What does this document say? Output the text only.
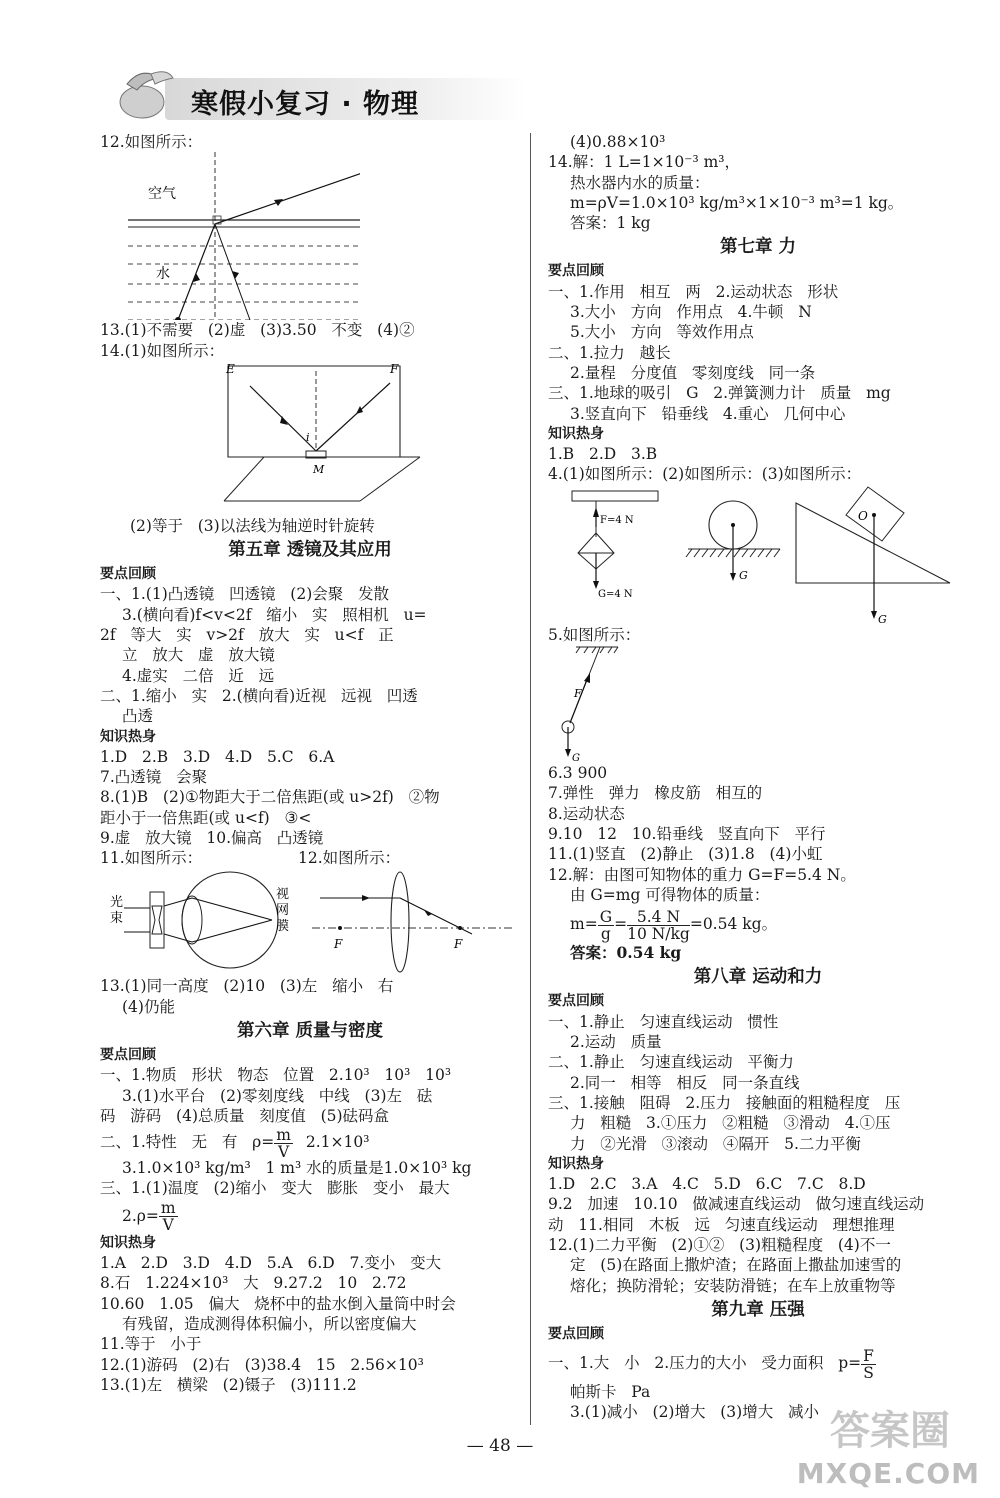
寒假小复习 · 物理
12.如图所示：
空气
水
13.(1)不需要   (2)虚   (3)3.50   不变   (4)②
14.(1)如图所示：
E	F
i
M
(2)等于   (3)以法线为轴逆时针旋转
第五章 透镜及其应用
要点回顾
一、1.(1)凸透镜   凹透镜   (2)会聚   发散
3.(横向看)f<v<2f   缩小   实   照相机   u=
2f   等大   实   v>2f   放大   实   u<f   正
立   放大   虚   放大镜
4.虚实   二倍   近   远
二、1.缩小   实   2.(横向看)近视   远视   凹透
凸透
知识热身
1.D   2.B   3.D   4.D   5.C   6.A
7.凸透镜   会聚
8.(1)B   (2)①物距大于二倍焦距(或 u>2f)   ②物
距小于一倍焦距(或 u<f)   ③<
9.虚   放大镜   10.偏高   凸透镜
11.如图所示：	12.如图所示：
光束
视网膜
F	F
13.(1)同一高度   (2)10   (3)左   缩小   右
(4)仍能
第六章 质量与密度
要点回顾
一、1.物质   形状   物态   位置   2.10³   10³   10³
3.(1)水平台   (2)零刻度线   中线   (3)左   砝
码   游码   (4)总质量   刻度值   (5)砝码盒
二、1.特性   无   有   $\rho= \frac{m}{V} 2.1\times 10^3$
3.1.0×10³ kg/m³   1 m³ 水的质量是1.0×10³ kg
三、1.(1)温度   (2)缩小   变大   膨胀   变小   最大
$2.\rho= \frac{m}{V}$
知识热身
1.A   2.D   3.D   4.D   5.A   6.D   7.变小   变大
8.石   1.224×10³   大   9.27.2   10   2.72
10.60   1.05   偏大   烧杯中的盐水倒入量筒中时会
有残留，造成测得体积偏小，所以密度偏大
11.等于   小于
12.(1)游码   (2)右   (3)38.4   15   2.56×10³
13.(1)左   横梁   (2)镊子   (3)111.2
(4)0.88×10³
14.解：1 L=1×10⁻³ m³，
热水器内水的质量：
m=ρV=1.0×10³ kg/m³×1×10⁻³ m³=1 kg。
答案：1 kg
第七章 力
要点回顾
一、1.作用   相互   两   2.运动状态   形状
3.大小   方向   作用点   4.牛顿   N
5.大小   方向   等效作用点
二、1.拉力   越长
2.量程   分度值   零刻度线   同一条
三、1.地球的吸引   G   2.弹簧测力计   质量   mg
3.竖直向下   铅垂线   4.重心   几何中心
知识热身
1.B   2.D   3.B
4.(1)如图所示：(2)如图所示：(3)如图所示：
F=4 N
G=4 N
G
O
G
5.如图所示：
F
G
6.3 900
7.弹性   弹力   橡皮筋   相互的
8.运动状态
9.10   12   10.铅垂线   竖直向下   平行
11.(1)竖直   (2)静止   (3)1.8   (4)小虹
12.解：由图可知物体的重力 G=F=5.4 N。
由 G=mg 可得物体的质量：
$m= \frac{G}{g} = \frac{5.4 N}{10 N/kg} =0.54$ kg。
答案：0.54 kg
第八章 运动和力
要点回顾
一、1.静止   匀速直线运动   惯性
2.运动   质量
二、1.静止   匀速直线运动   平衡力
2.同一   相等   相反   同一条直线
三、1.接触   阻碍   2.压力   接触面的粗糙程度   压
力   粗糙   3.①压力   ②粗糙   ③滑动   4.①压
力   ②光滑   ③滚动   ④隔开   5.二力平衡
知识热身
1.D   2.C   3.A   4.C   5.D   6.C   7.C   8.D
9.2   加速   10.10   做减速直线运动   做匀速直线运动
动   11.相同   木板   远   匀速直线运动   理想推理
12.(1)二力平衡   (2)①②   (3)粗糙程度   (4)不一
定   (5)在路面上撒炉渣；在路面上撒盐加速雪的
熔化；换防滑轮；安装防滑链；在车上放重物等
第九章 压强
要点回顾
一、1.大   小   2.压力的大小   受力面积   $p= \frac{F}{S}$
帕斯卡   Pa
3.(1)减小   (2)增大   (3)增大   减小
— 48 —	答案圈
MXQE.COM
